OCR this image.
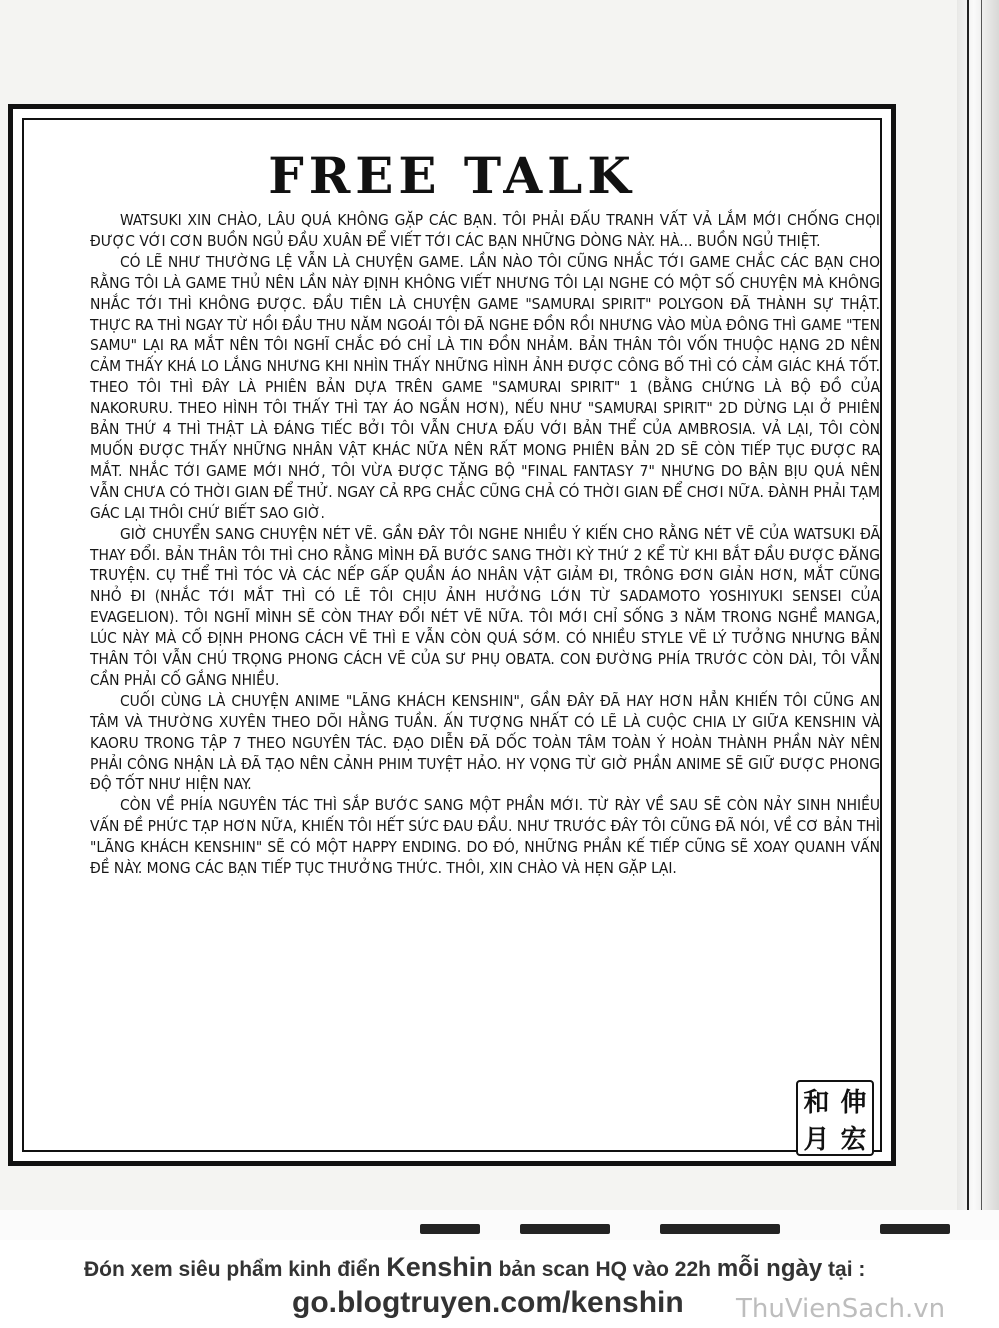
FREE TALK

WATSUKI XIN CHÀO, LÂU QUÁ KHÔNG GẶP CÁC BẠN. TÔI PHẢI ĐẤU TRANH VẤT VẢ LẮM MỚI CHỐNG CHỌI ĐƯỢC VỚI CƠN BUỒN NGỦ ĐẦU XUÂN ĐỂ VIẾT TỚI CÁC BẠN NHỮNG DÒNG NÀY. HÀ... BUỒN NGỦ THIỆT.

CÓ LẼ NHƯ THƯỜNG LỆ VẪN LÀ CHUYỆN GAME. LẦN NÀO TÔI CŨNG NHẮC TỚI GAME CHẮC CÁC BẠN CHO RẰNG TÔI LÀ GAME THỦ NÊN LẦN NÀY ĐỊNH KHÔNG VIẾT NHƯNG TÔI LẠI NGHE CÓ MỘT SỐ CHUYỆN MÀ KHÔNG NHẮC TỚI THÌ KHÔNG ĐƯỢC. ĐẦU TIÊN LÀ CHUYỆN GAME "SAMURAI SPIRIT" POLYGON ĐÃ THÀNH SỰ THẬT. THỰC RA THÌ NGAY TỪ HỒI ĐẦU THU NĂM NGOÁI TÔI ĐÃ NGHE ĐỒN RỒI NHƯNG VÀO MÙA ĐÔNG THÌ GAME "TEN SAMU" LẠI RA MẮT NÊN TÔI NGHĨ CHẮC ĐÓ CHỈ LÀ TIN ĐỒN NHẢM. BẢN THÂN TÔI VỐN THUỘC HẠNG 2D NÊN CẢM THẤY KHÁ LO LẮNG NHƯNG KHI NHÌN THẤY NHỮNG HÌNH ẢNH ĐƯỢC CÔNG BỐ THÌ CÓ CẢM GIÁC KHÁ TỐT. THEO TÔI THÌ ĐÂY LÀ PHIÊN BẢN DỰA TRÊN GAME "SAMURAI SPIRIT" 1 (BẰNG CHỨNG LÀ BỘ ĐỒ CỦA NAKORURU. THEO HÌNH TÔI THẤY THÌ TAY ÁO NGẮN HƠN), NẾU NHƯ "SAMURAI SPIRIT" 2D DỪNG LẠI Ở PHIÊN BẢN THỨ 4 THÌ THẬT LÀ ĐÁNG TIẾC BỞI TÔI VẪN CHƯA ĐẤU VỚI BẢN THỂ CỦA AMBROSIA. VẢ LẠI, TÔI CÒN MUỐN ĐƯỢC THẤY NHỮNG NHÂN VẬT KHÁC NỮA NÊN RẤT MONG PHIÊN BẢN 2D SẼ CÒN TIẾP TỤC ĐƯỢC RA MẮT. NHẮC TỚI GAME MỚI NHỚ, TÔI VỪA ĐƯỢC TẶNG BỘ "FINAL FANTASY 7" NHƯNG DO BẬN BỊU QUÁ NÊN VẪN CHƯA CÓ THỜI GIAN ĐỂ THỬ. NGAY CẢ RPG CHẮC CŨNG CHẢ CÓ THỜI GIAN ĐỂ CHƠI NỮA. ĐÀNH PHẢI TẠM GÁC LẠI THÔI CHỨ BIẾT SAO GIỜ.

GIỜ CHUYỂN SANG CHUYỆN NÉT VẼ. GẦN ĐÂY TÔI NGHE NHIỀU Ý KIẾN CHO RẰNG NÉT VẼ CỦA WATSUKI ĐÃ THAY ĐỔI. BẢN THÂN TÔI THÌ CHO RẰNG MÌNH ĐÃ BƯỚC SANG THỜI KỲ THỨ 2 KỂ TỪ KHI BẮT ĐẦU ĐƯỢC ĐĂNG TRUYỆN. CỤ THỂ THÌ TÓC VÀ CÁC NẾP GẤP QUẦN ÁO NHÂN VẬT GIẢM ĐI, TRÔNG ĐƠN GIẢN HƠN, MẮT CŨNG NHỎ ĐI (NHẮC TỚI MẮT THÌ CÓ LẼ TÔI CHỊU ẢNH HƯỞNG LỚN TỪ SADAMOTO YOSHIYUKI SENSEI CỦA EVAGELION). TÔI NGHĨ MÌNH SẼ CÒN THAY ĐỔI NÉT VẼ NỮA. TÔI MỚI CHỈ SỐNG 3 NĂM TRONG NGHỀ MANGA, LÚC NÀY MÀ CỐ ĐỊNH PHONG CÁCH VẼ THÌ E VẪN CÒN QUÁ SỚM. CÓ NHIỀU STYLE VẼ LÝ TƯỞNG NHƯNG BẢN THÂN TÔI VẪN CHÚ TRỌNG PHONG CÁCH VẼ CỦA SƯ PHỤ OBATA. CON ĐƯỜNG PHÍA TRƯỚC CÒN DÀI, TÔI VẪN CẦN PHẢI CỐ GẮNG NHIỀU.

CUỐI CÙNG LÀ CHUYỆN ANIME "LÃNG KHÁCH KENSHIN", GẦN ĐÂY ĐÃ HAY HƠN HẲN KHIẾN TÔI CŨNG AN TÂM VÀ THƯỜNG XUYÊN THEO DÕI HẰNG TUẦN. ẤN TƯỢNG NHẤT CÓ LẼ LÀ CUỘC CHIA LY GIỮA KENSHIN VÀ KAORU TRONG TẬP 7 THEO NGUYÊN TÁC. ĐẠO DIỄN ĐÃ DỐC TOÀN TÂM TOÀN Ý HOÀN THÀNH PHẦN NÀY NÊN PHẢI CÔNG NHẬN LÀ ĐÃ TẠO NÊN CẢNH PHIM TUYỆT HẢO. HY VỌNG TỪ GIỜ PHẦN ANIME SẼ GIỮ ĐƯỢC PHONG ĐỘ TỐT NHƯ HIỆN NAY.

CÒN VỀ PHÍA NGUYÊN TÁC THÌ SẮP BƯỚC SANG MỘT PHẦN MỚI. TỪ RÀY VỀ SAU SẼ CÒN NẢY SINH NHIỀU VẤN ĐỀ PHỨC TẠP HƠN NỮA, KHIẾN TÔI HẾT SỨC ĐAU ĐẦU. NHƯ TRƯỚC ĐÂY TÔI CŨNG ĐÃ NÓI, VỀ CƠ BẢN THÌ "LÃNG KHÁCH KENSHIN" SẼ CÓ MỘT HAPPY ENDING. DO ĐÓ, NHỮNG PHẦN KẾ TIẾP CŨNG SẼ XOAY QUANH VẤN ĐỀ NÀY. MONG CÁC BẠN TIẾP TỤC THƯỞNG THỨC. THÔI, XIN CHÀO VÀ HẸN GẶP LẠI.

和 伸
月 宏
Đón xem siêu phẩm kinh điển Kenshin bản scan HQ vào 22h mỗi ngày tại :
go.blogtruyen.com/kenshin ThuVienSach.vn
